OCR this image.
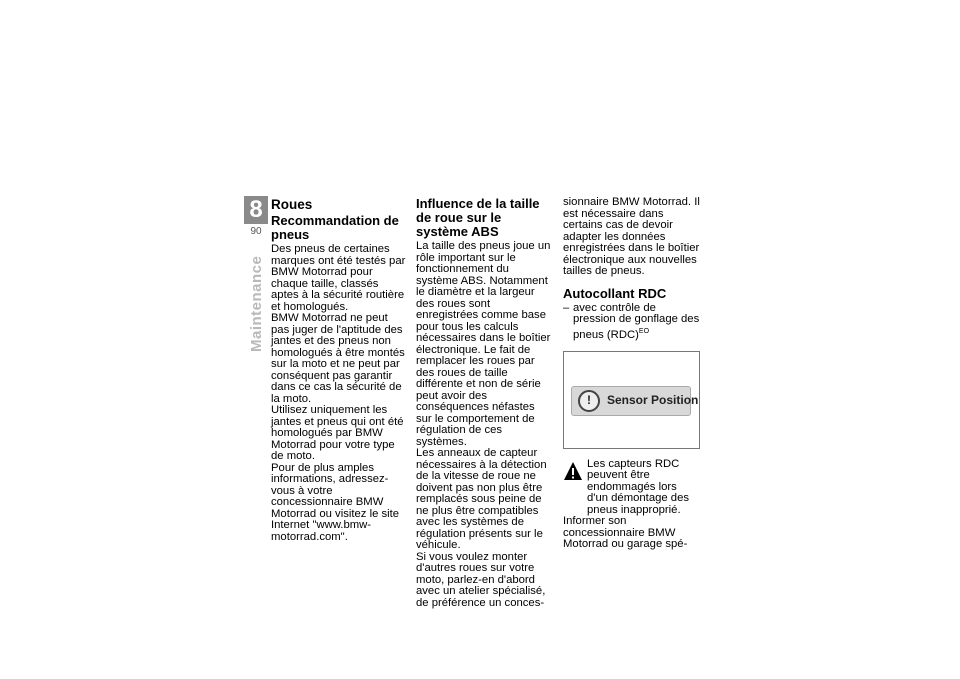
8
90
Maintenance
Roues
Recommandation de pneus

Des pneus de certaines marques ont été testés par BMW Motorrad pour chaque taille, classés aptes à la sécurité routière et homologués.

BMW Motorrad ne peut pas juger de l'aptitude des jantes et des pneus non homologués à être montés sur la moto et ne peut par conséquent pas garantir dans ce cas la sécurité de la moto.

Utilisez uniquement les jantes et pneus qui ont été homologués par BMW Motorrad pour votre type de moto.

Pour de plus amples informations, adressez-vous à votre concessionnaire BMW Motorrad ou visitez le site Internet "www.bmw-motorrad.com".

Influence de la taille de roue sur le système ABS

La taille des pneus joue un rôle important sur le fonctionnement du système ABS. Notamment le diamètre et la largeur des roues sont enregistrées comme base pour tous les calculs nécessaires dans le boîtier électronique. Le fait de remplacer les roues par des roues de taille différente et non de série peut avoir des conséquences néfastes sur le comportement de régulation de ces systèmes.

Les anneaux de capteur nécessaires à la détection de la vitesse de roue ne doivent pas non plus être remplacés sous peine de ne plus être compatibles avec les systèmes de régulation présents sur le véhicule.

Si vous voulez monter d'autres roues sur votre moto, parlez-en d'abord avec un atelier spécialisé, de préférence un conces-

sionnaire BMW Motorrad. Il est nécessaire dans certains cas de devoir adapter les données enregistrées dans le boîtier électronique aux nouvelles tailles de pneus.

Autocollant RDC
– avec contrôle de pression de gonflage des pneus (RDC)$^{EO}$
!	Sensor Position

Les capteurs RDC peuvent être endommagés lors d'un démontage des pneus inapproprié.

Informer son concessionnaire BMW Motorrad ou garage spé-
